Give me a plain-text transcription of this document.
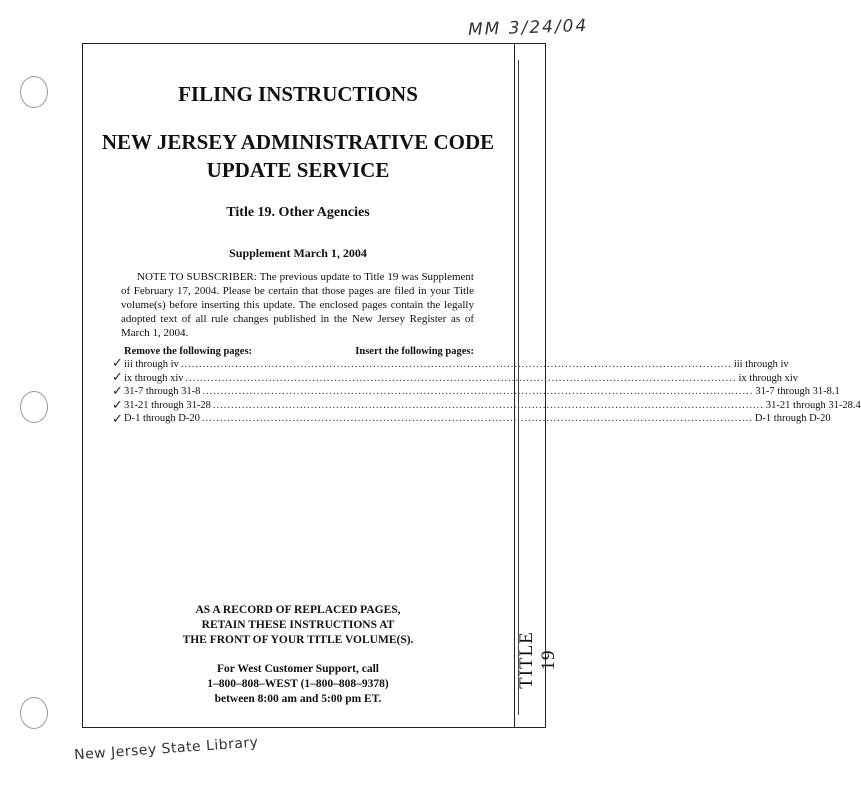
MM 3/24/04
TITLE 19
FILING INSTRUCTIONS
NEW JERSEY ADMINISTRATIVE CODE
UPDATE SERVICE
Title 19. Other Agencies
Supplement March 1, 2004
NOTE TO SUBSCRIBER: The previous update to Title 19 was Supplement of February 17, 2004. Please be certain that those pages are filed in your Title volume(s) before inserting this update. The enclosed pages contain the legally adopted text of all rule changes published in the New Jersey Register as of March 1, 2004.
✓
✓
✓
✓
✓
Remove the following pages:	Insert the following pages:
iii through iv ........................................................................................................................................................ iii through iv
ix through xiv ........................................................................................................................................................ ix through xiv
31-7 through 31-8 ........................................................................................................................................................ 31-7 through 31-8.1
31-21 through 31-28 ........................................................................................................................................................ 31-21 through 31-28.4
D-1 through D-20 ........................................................................................................................................................ D-1 through D-20
AS A RECORD OF REPLACED PAGES,
RETAIN THESE INSTRUCTIONS AT
THE FRONT OF YOUR TITLE VOLUME(S).
For West Customer Support, call
1–800–808–WEST (1–800–808–9378)
between 8:00 am and 5:00 pm ET.
New Jersey State Library
